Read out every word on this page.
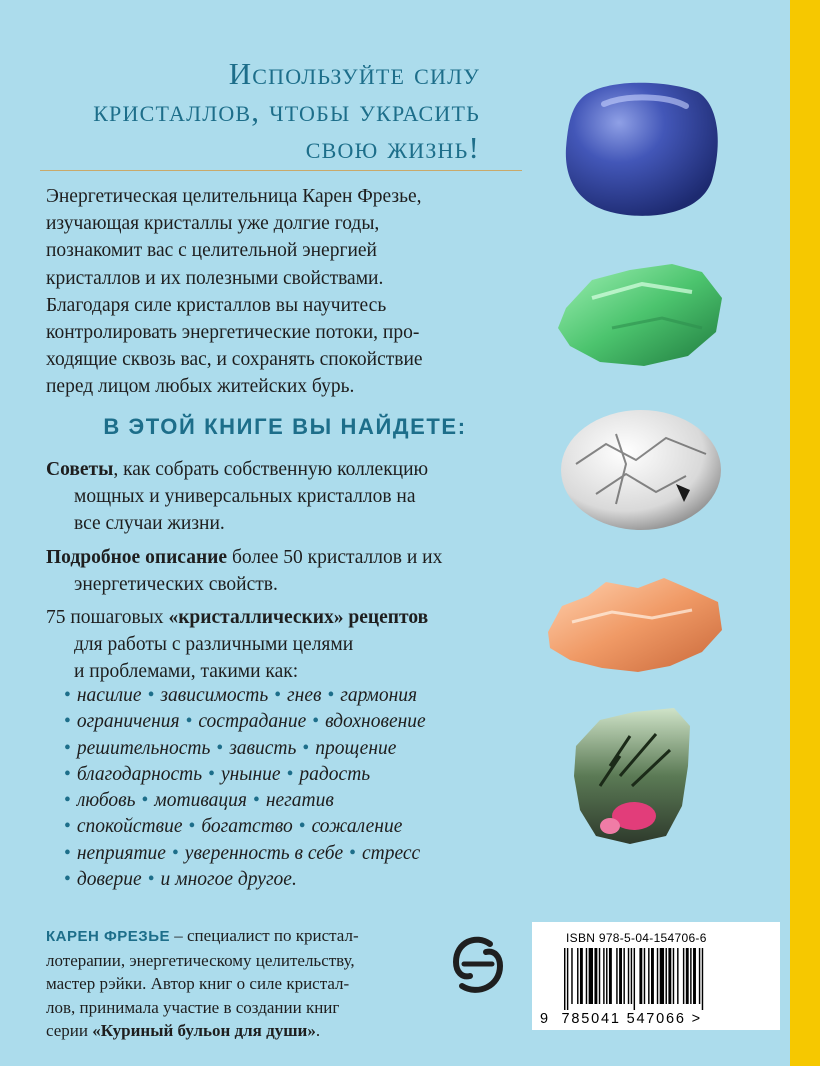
Используйте силу
кристаллов, чтобы украсить
свою жизнь!
Энергетическая целительница Карен Фрезье,
изучающая кристаллы уже долгие годы,
познакомит вас с целительной энергией
кристаллов и их полезными свойствами.
Благодаря силе кристаллов вы научитесь
контролировать энергетические потоки, про-
ходящие сквозь вас, и сохранять спокойствие
перед лицом любых житейских бурь.
В ЭТОЙ КНИГЕ ВЫ НАЙДЕТЕ:
Советы, как собрать собственную коллекцию
мощных и универсальных кристаллов на
все случаи жизни.
Подробное описание более 50 кристаллов и их
энергетических свойств.
75 пошаговых «кристаллических» рецептов
для работы с различными целями
и проблемами, такими как:
• насилие • зависимость • гнев • гармония
• ограничения • сострадание • вдохновение
• решительность • зависть • прощение
• благодарность • уныние • радость
• любовь • мотивация • негатив
• спокойствие • богатство • сожаление
• неприятие • уверенность в себе • стресс
• доверие • и многое другое.
КАРЕН ФРЕЗЬЕ – специалист по кристал-
лотерапии, энергетическому целительству,
мастер рэйки. Автор книг о силе кристал-
лов, принимала участие в создании книг
серии «Куриный бульон для души».
ISBN 978-5-04-154706-6
9 785041 547066 >
